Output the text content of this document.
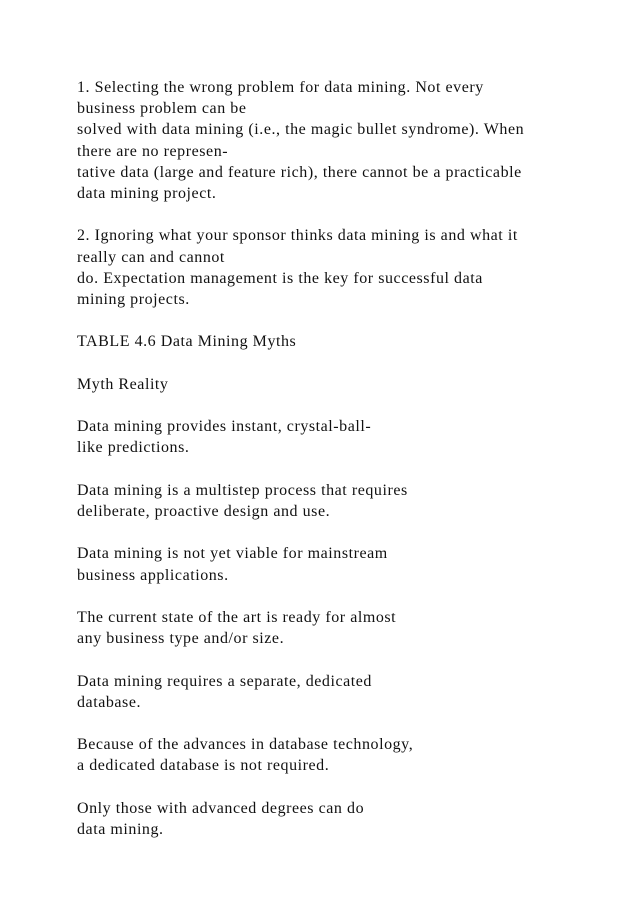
1. Selecting the wrong problem for data mining. Not every
business problem can be
solved with data mining (i.e., the magic bullet syndrome). When
there are no represen-
tative data (large and feature rich), there cannot be a practicable
data mining project.

2. Ignoring what your sponsor thinks data mining is and what it
really can and cannot
do. Expectation management is the key for successful data
mining projects.

TABLE 4.6 Data Mining Myths

Myth Reality

Data mining provides instant, crystal-ball-
like predictions.

Data mining is a multistep process that requires
deliberate, proactive design and use.

Data mining is not yet viable for mainstream
business applications.

The current state of the art is ready for almost
any business type and/or size.

Data mining requires a separate, dedicated
database.

Because of the advances in database technology,
a dedicated database is not required.

Only those with advanced degrees can do
data mining.
